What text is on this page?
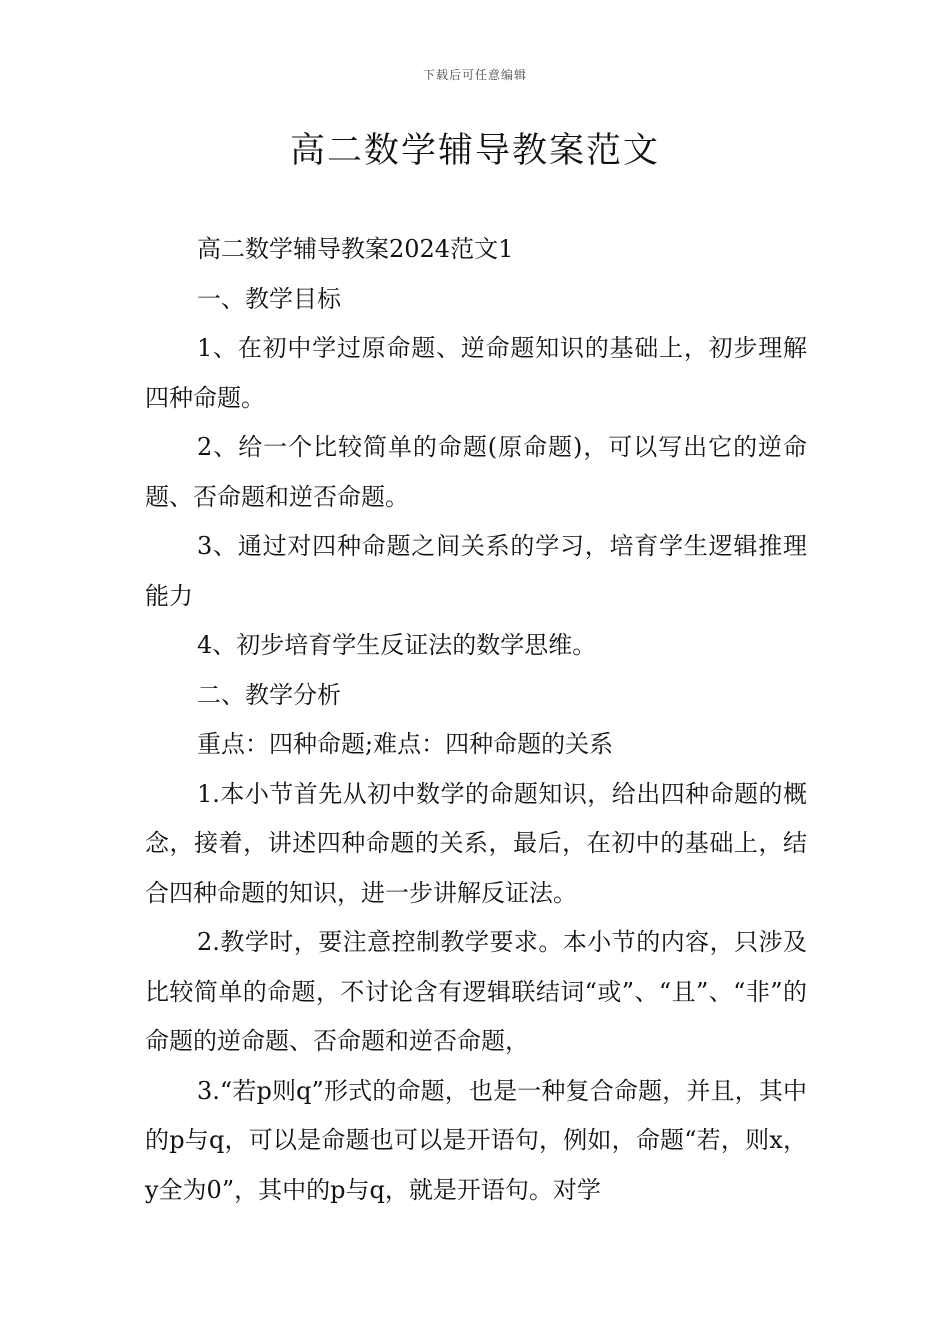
下载后可任意编辑
高二数学辅导教案范文

高二数学辅导教案2024范文1

一、教学目标

1、在初中学过原命题、逆命题知识的基础上，初步理解四种命题。

2、给一个比较简单的命题(原命题)，可以写出它的逆命题、否命题和逆否命题。

3、通过对四种命题之间关系的学习，培育学生逻辑推理能力

4、初步培育学生反证法的数学思维。

二、教学分析

重点：四种命题;难点：四种命题的关系

1.本小节首先从初中数学的命题知识，给出四种命题的概念，接着，讲述四种命题的关系，最后，在初中的基础上，结合四种命题的知识，进一步讲解反证法。

2.教学时，要注意控制教学要求。本小节的内容，只涉及比较简单的命题，不讨论含有逻辑联结词“或”、“且”、“非”的命题的逆命题、否命题和逆否命题，

3.“若p则q”形式的命题，也是一种复合命题，并且，其中的p与q，可以是命题也可以是开语句，例如，命题“若，则x，y全为0”，其中的p与q，就是开语句。对学
